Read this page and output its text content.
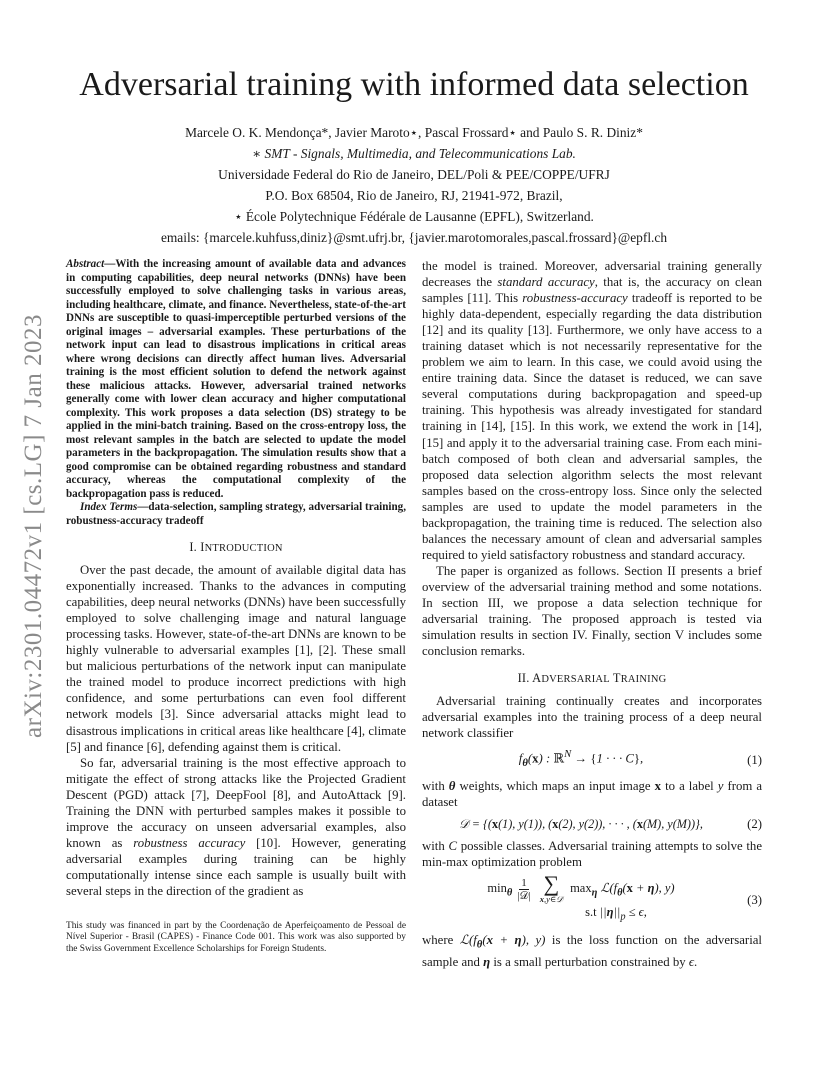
arXiv:2301.04472v1 [cs.LG] 7 Jan 2023
Adversarial training with informed data selection
Marcele O. K. Mendonça*, Javier Maroto⋆, Pascal Frossard⋆ and Paulo S. R. Diniz*
∗ SMT - Signals, Multimedia, and Telecommunications Lab.
Universidade Federal do Rio de Janeiro, DEL/Poli & PEE/COPPE/UFRJ
P.O. Box 68504, Rio de Janeiro, RJ, 21941-972, Brazil,
⋆ École Polytechnique Fédérale de Lausanne (EPFL), Switzerland.
emails: {marcele.kuhfuss,diniz}@smt.ufrj.br, {javier.marotomorales,pascal.frossard}@epfl.ch

Abstract—With the increasing amount of available data and advances in computing capabilities, deep neural networks (DNNs) have been successfully employed to solve challenging tasks in various areas, including healthcare, climate, and finance. Nevertheless, state-of-the-art DNNs are susceptible to quasi-imperceptible perturbed versions of the original images – adversarial examples. These perturbations of the network input can lead to disastrous implications in critical areas where wrong decisions can directly affect human lives. Adversarial training is the most efficient solution to defend the network against these malicious attacks. However, adversarial trained networks generally come with lower clean accuracy and higher computational complexity. This work proposes a data selection (DS) strategy to be applied in the mini-batch training. Based on the cross-entropy loss, the most relevant samples in the batch are selected to update the model parameters in the backpropagation. The simulation results show that a good compromise can be obtained regarding robustness and standard accuracy, whereas the computational complexity of the backpropagation pass is reduced.

Index Terms—data-selection, sampling strategy, adversarial training, robustness-accuracy tradeoff

I. INTRODUCTION

Over the past decade, the amount of available digital data has exponentially increased. Thanks to the advances in computing capabilities, deep neural networks (DNNs) have been successfully employed to solve challenging image and natural language processing tasks. However, state-of-the-art DNNs are known to be highly vulnerable to adversarial examples [1], [2]. These small but malicious perturbations of the network input can manipulate the trained model to produce incorrect predictions with high confidence, and some perturbations can even fool different network models [3]. Since adversarial attacks might lead to disastrous implications in critical areas like healthcare [4], climate [5] and finance [6], defending against them is critical.

So far, adversarial training is the most effective approach to mitigate the effect of strong attacks like the Projected Gradient Descent (PGD) attack [7], DeepFool [8], and AutoAttack [9]. Training the DNN with perturbed samples makes it possible to improve the accuracy on unseen adversarial examples, also known as robustness accuracy [10]. However, generating adversarial examples during training can be highly computationally intense since each sample is usually built with several steps in the direction of the gradient as

the model is trained. Moreover, adversarial training generally decreases the standard accuracy, that is, the accuracy on clean samples [11]. This robustness-accuracy tradeoff is reported to be highly data-dependent, especially regarding the data distribution [12] and its quality [13]. Furthermore, we only have access to a training dataset which is not necessarily representative for the problem we aim to learn. In this case, we could avoid using the entire training data. Since the dataset is reduced, we can save several computations during backpropagation and speed-up training. This hypothesis was already investigated for standard training in [14], [15]. In this work, we extend the work in [14], [15] and apply it to the adversarial training case. From each mini-batch composed of both clean and adversarial samples, the proposed data selection algorithm selects the most relevant samples based on the cross-entropy loss. Since only the selected samples are used to update the model parameters in the backpropagation, the training time is reduced. The selection also balances the necessary amount of clean and adversarial samples required to yield satisfactory robustness and standard accuracy.

The paper is organized as follows. Section II presents a brief overview of the adversarial training method and some notations. In section III, we propose a data selection technique for adversarial training. The proposed approach is tested via simulation results in section IV. Finally, section V includes some conclusion remarks.

II. ADVERSARIAL TRAINING

Adversarial training continually creates and incorporates adversarial examples into the training process of a deep neural network classifier

$f_\theta(x)$ : ℝ$^N$ → {1 · · · C},	(1)

with θ weights, which maps an input image x to a label y from a dataset

𝒟 = {(x(1), y(1)), (x(2), y(2)), · · · , (x(M), y(M))},	(2)

with C possible classes. Adversarial training attempts to solve the min-max optimization problem

$\min_\theta \frac{1}{\text{|𝒟|}}$
∑
x,y∈𝒟
$\max_\eta$ $ℒ(f_\theta(x + \eta)$, y)
s.t $||\eta||_p \le \epsilon$,
(3)

where $ℒ(f_\theta(x + \eta)$, y) is the loss function on the adversarial sample and η is a small perturbation constrained by ϵ.

This study was financed in part by the Coordenação de Aperfeiçoamento de Pessoal de Nível Superior - Brasil (CAPES) - Finance Code 001. This work was also supported by the Swiss Government Excellence Scholarships for Foreign Students.
